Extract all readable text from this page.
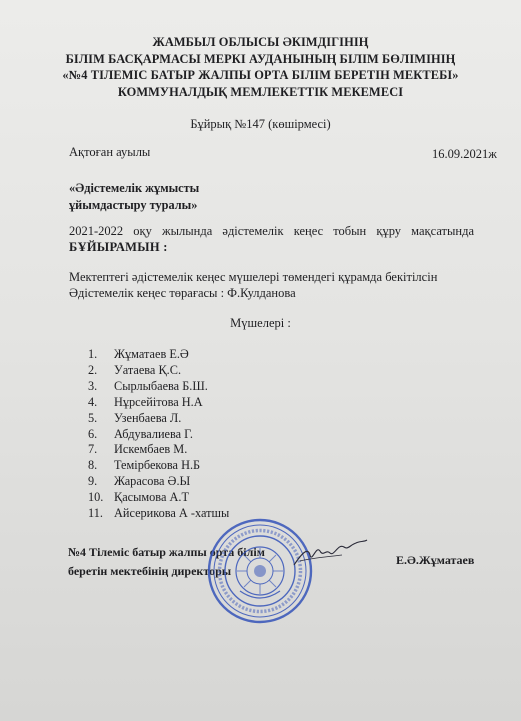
ЖАМБЫЛ ОБЛЫСЫ ӘКІМДІГІНІҢ
БІЛІМ БАСҚАРМАСЫ МЕРКІ АУДАНЫНЫҢ БІЛІМ БӨЛІМІНІҢ
«№4 ТІЛЕМІС БАТЫР ЖАЛПЫ ОРТА БІЛІМ БЕРЕТІН МЕКТЕБІ»
КОММУНАЛДЫҚ МЕМЛЕКЕТТІК МЕКЕМЕСІ
Бұйрық №147 (көшірмесі)
Ақтоған ауылы	16.09.2021ж
«Әдістемелік жұмысты
ұйымдастыру туралы»
2021-2022 оқу жылында әдістемелік кеңес тобын құру мақсатында БҰЙЫРАМЫН :
Мектептегі әдістемелік кеңес мүшелері төмендегі құрамда бекітілсін
Әдістемелік кеңес төрағасы : Ф.Кулданова
Мүшелері :
1. Жұматаев Е.Ә
2. Уатаева Қ.С.
3. Сырлыбаева Б.Ш.
4. Нұрсейітова Н.А
5. Узенбаева Л.
6. Абдувалиева Г.
7. Искембаев М.
8. Темірбекова Н.Б
9. Жарасова Ә.Ы
10. Қасымова А.Т
11. Айсерикова А -хатшы
№4 Тілеміс батыр жалпы орта білім
беретін мектебінің директоры
Е.Ә.Жұматаев
